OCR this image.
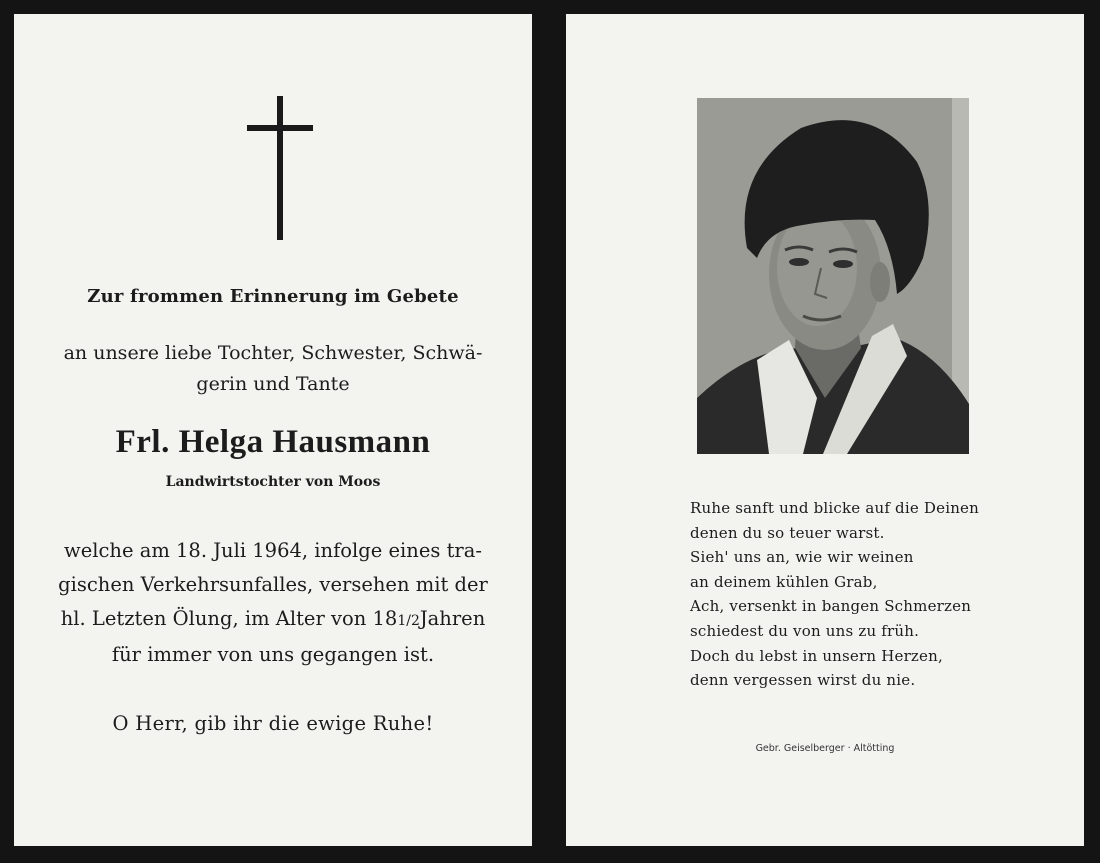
Zur frommen Erinnerung im Gebete
an unsere liebe Tochter, Schwester, Schwä-
gerin und Tante
Frl. Helga Hausmann
Landwirtstochter von Moos
welche am 18. Juli 1964, infolge eines tra-
gischen Verkehrsunfalles, versehen mit der
hl. Letzten Ölung, im Alter von 181/2Jahren
für immer von uns gegangen ist.
O Herr, gib ihr die ewige Ruhe!
Ruhe sanft und blicke auf die Deinen
denen du so teuer warst.
Sieh' uns an, wie wir weinen
an deinem kühlen Grab,
Ach, versenkt in bangen Schmerzen
schiedest du von uns zu früh.
Doch du lebst in unsern Herzen,
denn vergessen wirst du nie.
Gebr. Geiselberger · Altötting
